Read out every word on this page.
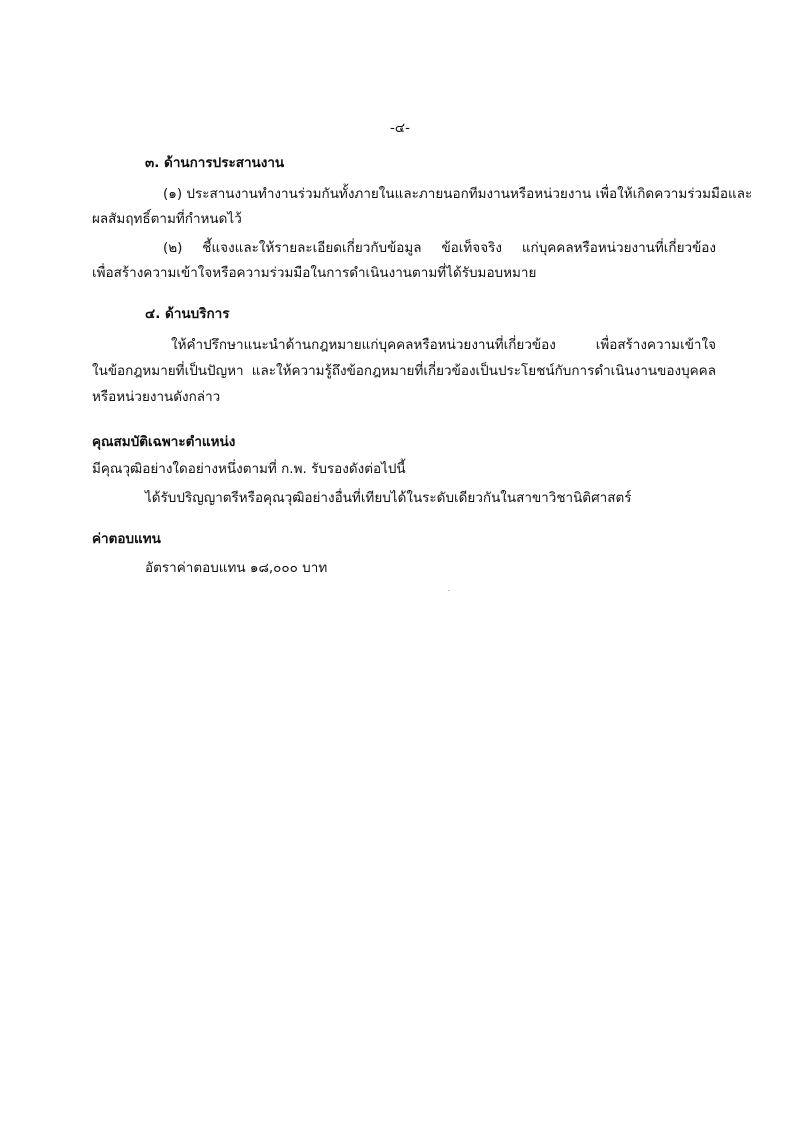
-๔-
๓. ด้านการประสานงาน
(๑) ประสานงานทำงานร่วมกันทั้งภายในและภายนอกทีมงานหรือหน่วยงาน เพื่อให้เกิดความร่วมมือและ
ผลสัมฤทธิ์ตามที่กำหนดไว้
(๒) ชี้แจงและให้รายละเอียดเกี่ยวกับข้อมูล ข้อเท็จจริง แก่บุคคลหรือหน่วยงานที่เกี่ยวข้อง
เพื่อสร้างความเข้าใจหรือความร่วมมือในการดำเนินงานตามที่ได้รับมอบหมาย
๔. ด้านบริการ
ให้คำปรึกษาแนะนำด้านกฎหมายแก่บุคคลหรือหน่วยงานที่เกี่ยวข้อง เพื่อสร้างความเข้าใจ
ในข้อกฎหมายที่เป็นปัญหา และให้ความรู้ถึงข้อกฎหมายที่เกี่ยวข้องเป็นประโยชน์กับการดำเนินงานของบุคคล
หรือหน่วยงานดังกล่าว
คุณสมบัติเฉพาะตำแหน่ง
มีคุณวุฒิอย่างใดอย่างหนึ่งตามที่ ก.พ. รับรองดังต่อไปนี้
ได้รับปริญญาตรีหรือคุณวุฒิอย่างอื่นที่เทียบได้ในระดับเดียวกันในสาขาวิชานิติศาสตร์
ค่าตอบแทน
อัตราค่าตอบแทน ๑๘,๐๐๐ บาท
